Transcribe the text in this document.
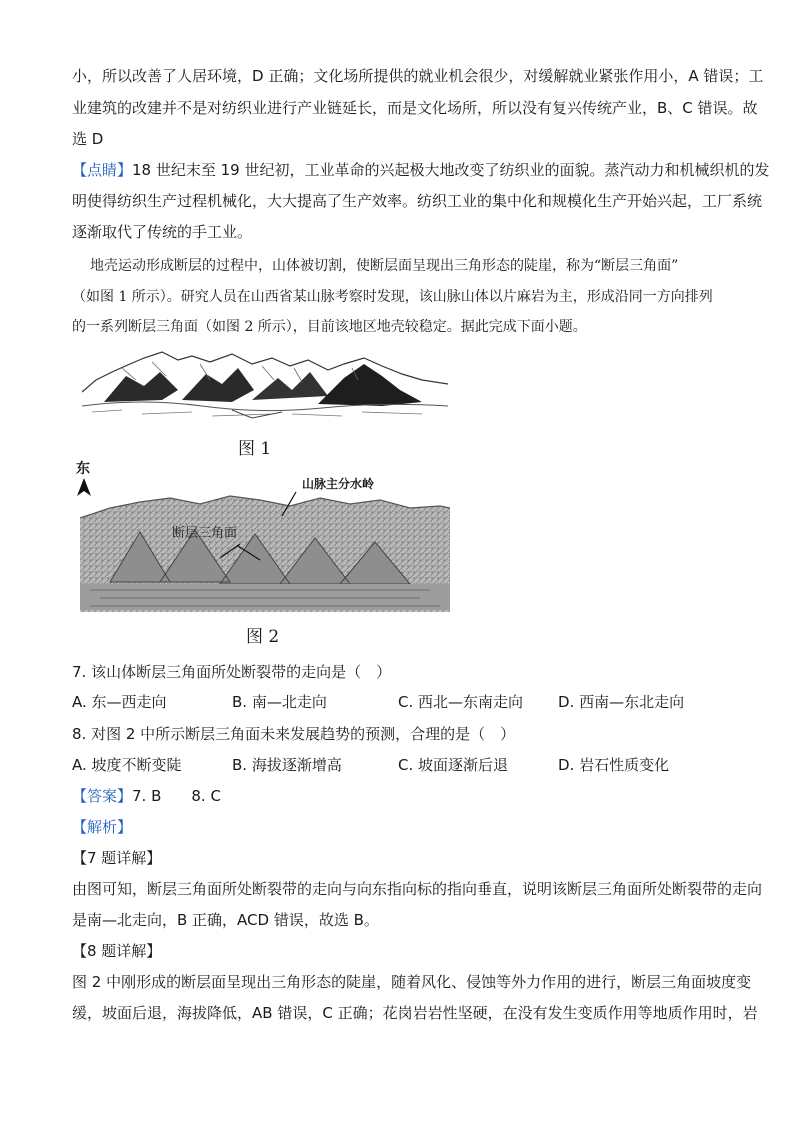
小，所以改善了人居环境，D 正确；文化场所提供的就业机会很少，对缓解就业紧张作用小，A 错误；工
业建筑的改建并不是对纺织业进行产业链延长，而是文化场所，所以没有复兴传统产业，B、C 错误。故
选 D
【点睛】18 世纪末至 19 世纪初，工业革命的兴起极大地改变了纺织业的面貌。蒸汽动力和机械织机的发
明使得纺织生产过程机械化，大大提高了生产效率。纺织工业的集中化和规模化生产开始兴起，工厂系统
逐渐取代了传统的手工业。
地壳运动形成断层的过程中，山体被切割，使断层面呈现出三角形态的陡崖，称为“断层三角面”
（如图 1 所示）。研究人员在山西省某山脉考察时发现，该山脉山体以片麻岩为主，形成沿同一方向排列
的一系列断层三角面（如图 2 所示），目前该地区地壳较稳定。据此完成下面小题。
图 1
东
山脉主分水岭
断层三角面
图 2
7. 该山体断层三角面所处断裂带的走向是（　）
A. 东—西走向	B. 南—北走向	C. 西北—东南走向 D. 西南—东北走向
8. 对图 2 中所示断层三角面未来发展趋势的预测，合理的是（　）
A. 坡度不断变陡	B. 海拔逐渐增高	C. 坡面逐渐后退	D. 岩石性质变化
【答案】7. B　　8. C
【解析】
【7 题详解】
由图可知，断层三角面所处断裂带的走向与向东指向标的指向垂直，说明该断层三角面所处断裂带的走向
是南—北走向，B 正确，ACD 错误，故选 B。
【8 题详解】
图 2 中刚形成的断层面呈现出三角形态的陡崖，随着风化、侵蚀等外力作用的进行，断层三角面坡度变
缓，坡面后退，海拔降低，AB 错误，C 正确；花岗岩岩性坚硬，在没有发生变质作用等地质作用时，岩
